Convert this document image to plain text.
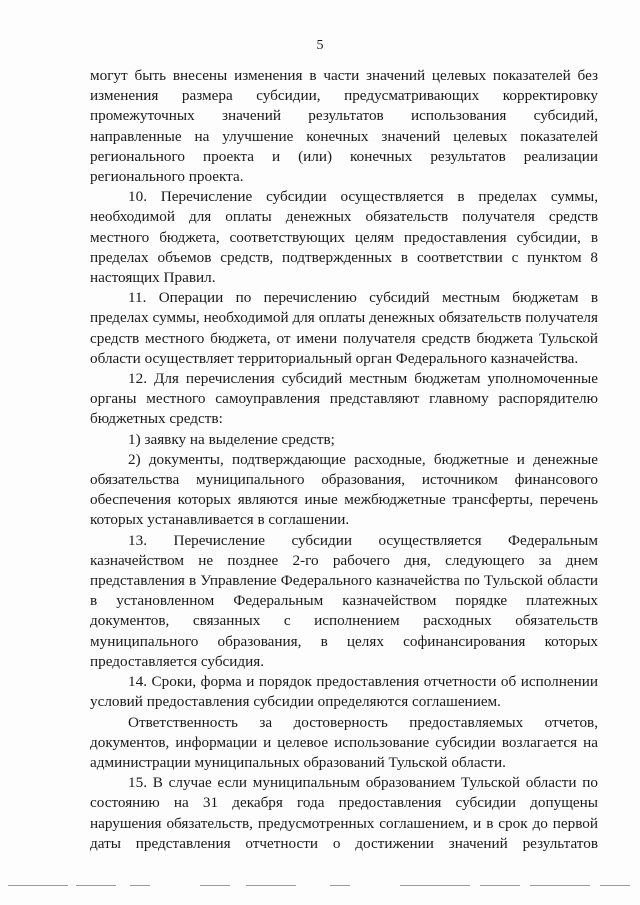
5

могут быть внесены изменения в части значений целевых показателей без изменения размера субсидии, предусматривающих корректировку промежуточных значений результатов использования субсидий, направленные на улучшение конечных значений целевых показателей регионального проекта и (или) конечных результатов реализации регионального проекта.

10. Перечисление субсидии осуществляется в пределах суммы, необходимой для оплаты денежных обязательств получателя средств местного бюджета, соответствующих целям предоставления субсидии, в пределах объемов средств, подтвержденных в соответствии с пунктом 8 настоящих Правил.

11. Операции по перечислению субсидий местным бюджетам в пределах суммы, необходимой для оплаты денежных обязательств получателя средств местного бюджета, от имени получателя средств бюджета Тульской области осуществляет территориальный орган Федерального казначейства.

12. Для перечисления субсидий местным бюджетам уполномоченные органы местного самоуправления представляют главному распорядителю бюджетных средств:

1) заявку на выделение средств;

2) документы, подтверждающие расходные, бюджетные и денежные обязательства муниципального образования, источником финансового обеспечения которых являются иные межбюджетные трансферты, перечень которых устанавливается в соглашении.

13. Перечисление субсидии осуществляется Федеральным казначейством не позднее 2-го рабочего дня, следующего за днем представления в Управление Федерального казначейства по Тульской области в установленном Федеральным казначейством порядке платежных документов, связанных с исполнением расходных обязательств муниципального образования, в целях софинансирования которых предоставляется субсидия.

14. Сроки, форма и порядок предоставления отчетности об исполнении условий предоставления субсидии определяются соглашением.

Ответственность за достоверность предоставляемых отчетов, документов, информации и целевое использование субсидии возлагается на администрации муниципальных образований Тульской области.

15. В случае если муниципальным образованием Тульской области по состоянию на 31 декабря года предоставления субсидии допущены нарушения обязательств, предусмотренных соглашением, и в срок до первой даты представления отчетности о достижении значений результатов
